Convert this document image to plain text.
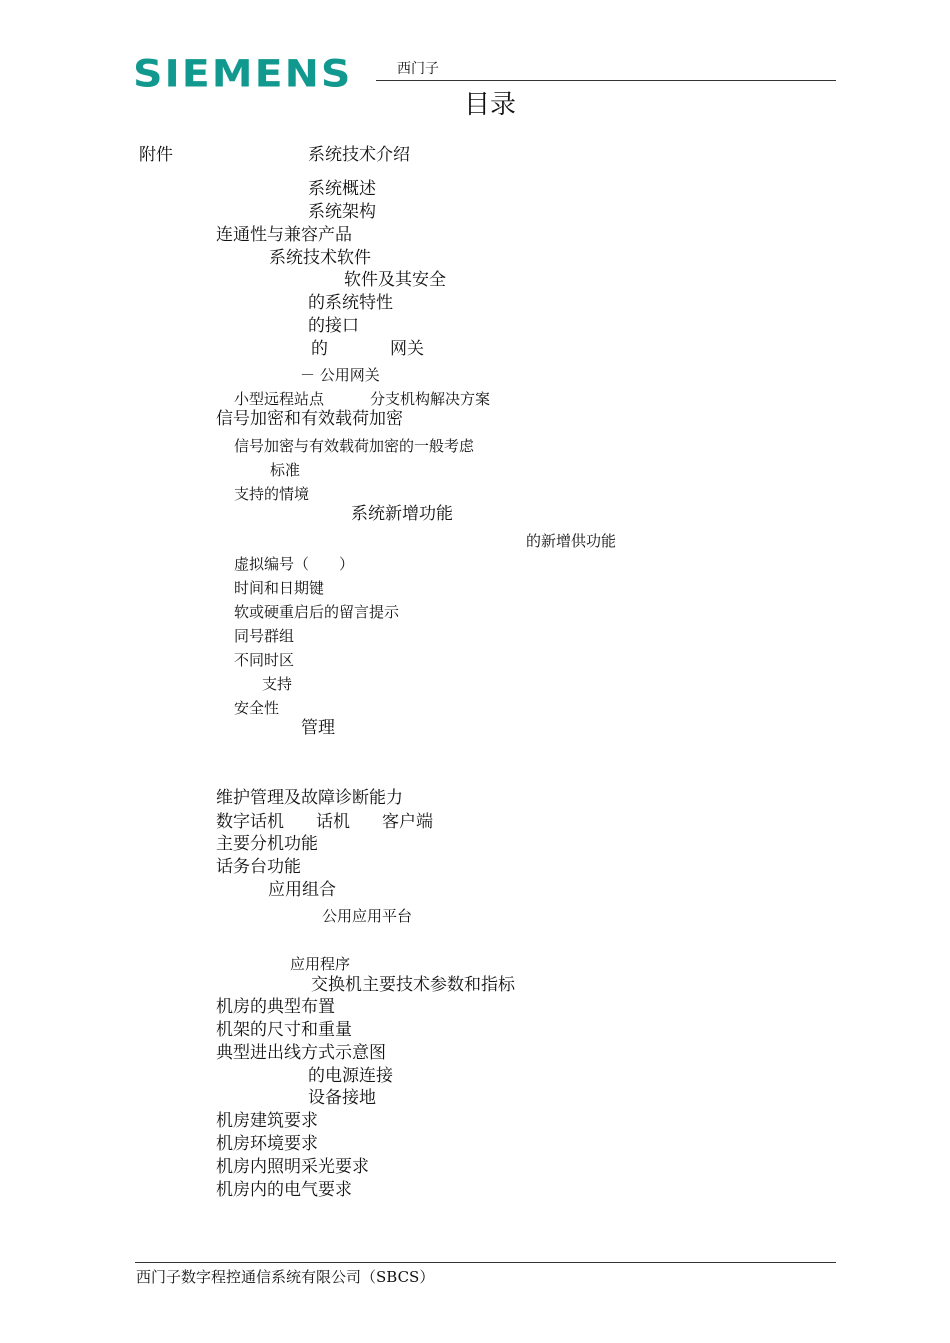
SIEMENS	西门子
目录
附件	系统技术介绍
系统概述
系统架构
连通性与兼容产品
系统技术软件
软件及其安全
的系统特性
的接口
的	网关
－ 公用网关
小型远程站点	分支机构解决方案
信号加密和有效载荷加密
信号加密与有效载荷加密的一般考虑
标准
支持的情境
系统新增功能
的新增供功能
虚拟编号（　　）
时间和日期键
软或硬重启后的留言提示
同号群组
不同时区
支持
安全性
管理
维护管理及故障诊断能力
数字话机 话机 客户端
主要分机功能
话务台功能
应用组合
公用应用平台
应用程序
交换机主要技术参数和指标
机房的典型布置
机架的尺寸和重量
典型进出线方式示意图
的电源连接
设备接地
机房建筑要求
机房环境要求
机房内照明采光要求
机房内的电气要求
西门子数字程控通信系统有限公司（SBCS）
